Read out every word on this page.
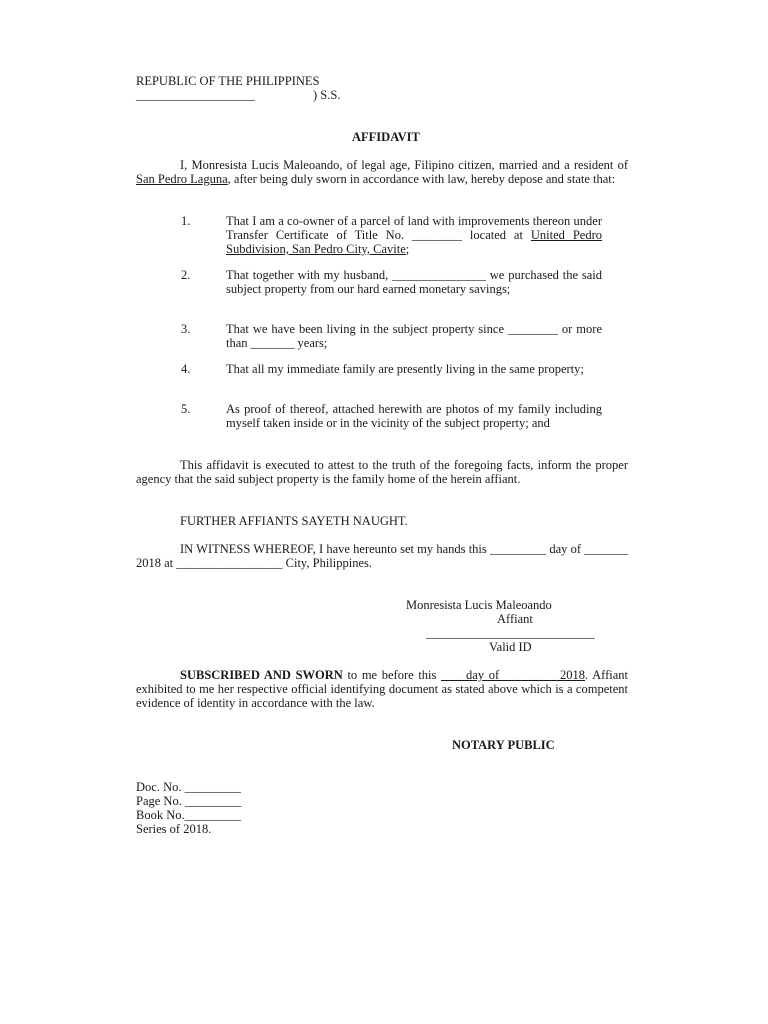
REPUBLIC OF THE PHILIPPINES
___________________	) S.S.
AFFIDAVIT
I, Monresista Lucis Maleoando, of legal age, Filipino citizen, married and a resident of San Pedro Laguna, after being duly sworn in accordance with law, hereby depose and state that:
1.	That I am a co-owner of a parcel of land with improvements thereon under Transfer Certificate of Title No. ________ located at United Pedro Subdivision, San Pedro City, Cavite;
2.	That together with my husband, _______________ we purchased the said subject property from our hard earned monetary savings;
3.	That we have been living in the subject property since ________ or more than _______ years;
4.	That all my immediate family are presently living in the same property;
5.	As proof of thereof, attached herewith are photos of my family including myself taken inside or in the vicinity of the subject property; and
This affidavit is executed to attest to the truth of the foregoing facts, inform the proper agency that the said subject property is the family home of the herein affiant.
FURTHER AFFIANTS SAYETH NAUGHT.
IN WITNESS WHEREOF, I have hereunto set my hands this _________ day of _______ 2018 at _________________ City, Philippines.
Monresista Lucis Maleoando
Affiant
___________________________
Valid ID
SUBSCRIBED AND SWORN to me before this ____day of _________2018. Affiant exhibited to me her respective official identifying document as stated above which is a competent evidence of identity in accordance with the law.
NOTARY PUBLIC
Doc. No. _________
Page No. _________
Book No._________
Series of 2018.
